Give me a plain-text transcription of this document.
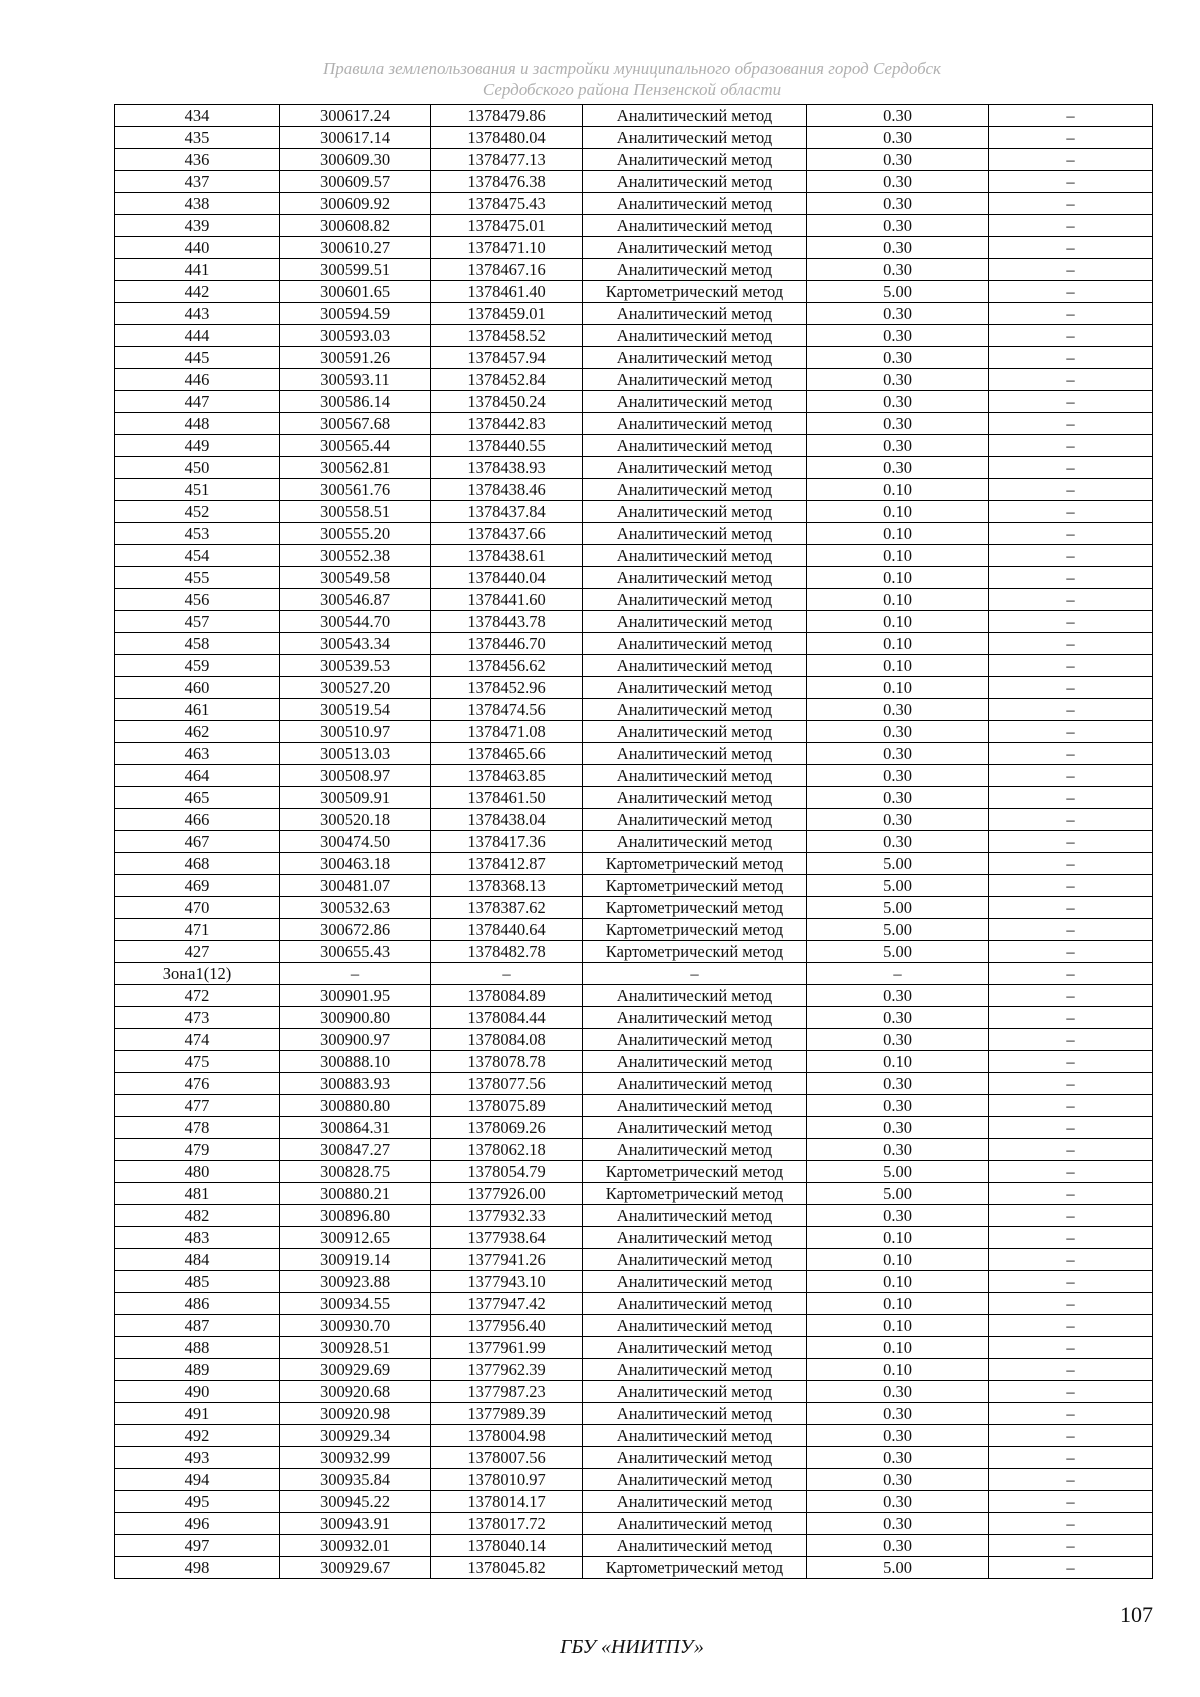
Правила землепользования и застройки муниципального образования город Сердобск
Сердобского района Пензенской области
434	300617.24	1378479.86	Аналитический метод	0.30	–
435	300617.14	1378480.04	Аналитический метод	0.30	–
436	300609.30	1378477.13	Аналитический метод	0.30	–
437	300609.57	1378476.38	Аналитический метод	0.30	–
438	300609.92	1378475.43	Аналитический метод	0.30	–
439	300608.82	1378475.01	Аналитический метод	0.30	–
440	300610.27	1378471.10	Аналитический метод	0.30	–
441	300599.51	1378467.16	Аналитический метод	0.30	–
442	300601.65	1378461.40	Картометрический метод	5.00	–
443	300594.59	1378459.01	Аналитический метод	0.30	–
444	300593.03	1378458.52	Аналитический метод	0.30	–
445	300591.26	1378457.94	Аналитический метод	0.30	–
446	300593.11	1378452.84	Аналитический метод	0.30	–
447	300586.14	1378450.24	Аналитический метод	0.30	–
448	300567.68	1378442.83	Аналитический метод	0.30	–
449	300565.44	1378440.55	Аналитический метод	0.30	–
450	300562.81	1378438.93	Аналитический метод	0.30	–
451	300561.76	1378438.46	Аналитический метод	0.10	–
452	300558.51	1378437.84	Аналитический метод	0.10	–
453	300555.20	1378437.66	Аналитический метод	0.10	–
454	300552.38	1378438.61	Аналитический метод	0.10	–
455	300549.58	1378440.04	Аналитический метод	0.10	–
456	300546.87	1378441.60	Аналитический метод	0.10	–
457	300544.70	1378443.78	Аналитический метод	0.10	–
458	300543.34	1378446.70	Аналитический метод	0.10	–
459	300539.53	1378456.62	Аналитический метод	0.10	–
460	300527.20	1378452.96	Аналитический метод	0.10	–
461	300519.54	1378474.56	Аналитический метод	0.30	–
462	300510.97	1378471.08	Аналитический метод	0.30	–
463	300513.03	1378465.66	Аналитический метод	0.30	–
464	300508.97	1378463.85	Аналитический метод	0.30	–
465	300509.91	1378461.50	Аналитический метод	0.30	–
466	300520.18	1378438.04	Аналитический метод	0.30	–
467	300474.50	1378417.36	Аналитический метод	0.30	–
468	300463.18	1378412.87	Картометрический метод	5.00	–
469	300481.07	1378368.13	Картометрический метод	5.00	–
470	300532.63	1378387.62	Картометрический метод	5.00	–
471	300672.86	1378440.64	Картометрический метод	5.00	–
427	300655.43	1378482.78	Картометрический метод	5.00	–
Зона1(12)	–	–	–	–	–
472	300901.95	1378084.89	Аналитический метод	0.30	–
473	300900.80	1378084.44	Аналитический метод	0.30	–
474	300900.97	1378084.08	Аналитический метод	0.30	–
475	300888.10	1378078.78	Аналитический метод	0.10	–
476	300883.93	1378077.56	Аналитический метод	0.30	–
477	300880.80	1378075.89	Аналитический метод	0.30	–
478	300864.31	1378069.26	Аналитический метод	0.30	–
479	300847.27	1378062.18	Аналитический метод	0.30	–
480	300828.75	1378054.79	Картометрический метод	5.00	–
481	300880.21	1377926.00	Картометрический метод	5.00	–
482	300896.80	1377932.33	Аналитический метод	0.30	–
483	300912.65	1377938.64	Аналитический метод	0.10	–
484	300919.14	1377941.26	Аналитический метод	0.10	–
485	300923.88	1377943.10	Аналитический метод	0.10	–
486	300934.55	1377947.42	Аналитический метод	0.10	–
487	300930.70	1377956.40	Аналитический метод	0.10	–
488	300928.51	1377961.99	Аналитический метод	0.10	–
489	300929.69	1377962.39	Аналитический метод	0.10	–
490	300920.68	1377987.23	Аналитический метод	0.30	–
491	300920.98	1377989.39	Аналитический метод	0.30	–
492	300929.34	1378004.98	Аналитический метод	0.30	–
493	300932.99	1378007.56	Аналитический метод	0.30	–
494	300935.84	1378010.97	Аналитический метод	0.30	–
495	300945.22	1378014.17	Аналитический метод	0.30	–
496	300943.91	1378017.72	Аналитический метод	0.30	–
497	300932.01	1378040.14	Аналитический метод	0.30	–
498	300929.67	1378045.82	Картометрический метод	5.00	–
107
ГБУ «НИИТПУ»
